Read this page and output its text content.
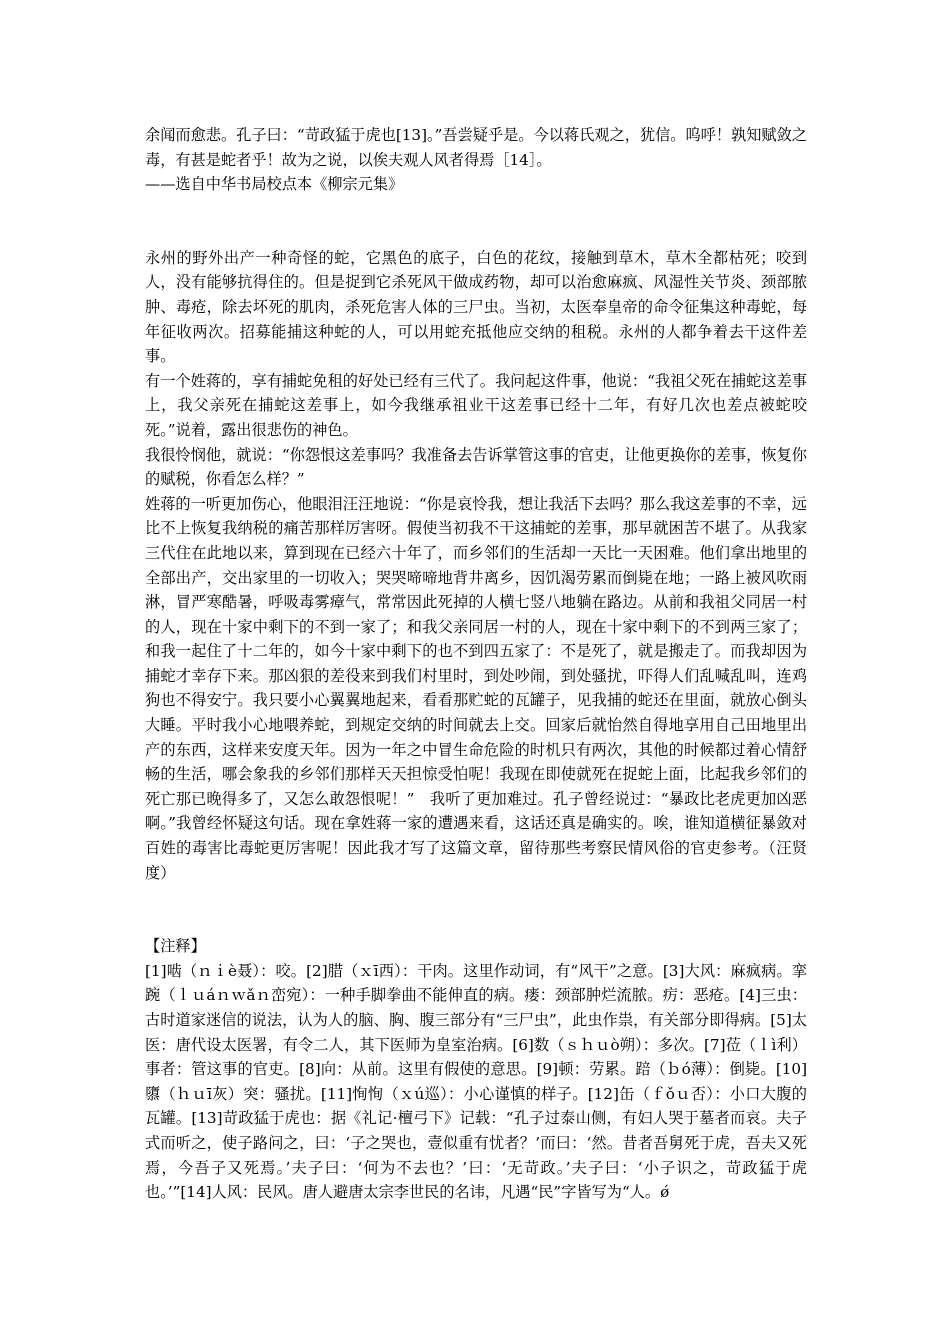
余闻而愈悲。孔子曰：“苛政猛于虎也[13]。”吾尝疑乎是。今以蒋氏观之，犹信。呜呼！孰知赋敛之毒，有甚是蛇者乎！故为之说，以俟夫观人风者得焉［14］。

——选自中华书局校点本《柳宗元集》

永州的野外出产一种奇怪的蛇，它黑色的底子，白色的花纹，接触到草木，草木全都枯死；咬到人，没有能够抗得住的。但是捉到它杀死风干做成药物，却可以治愈麻疯、风湿性关节炎、颈部脓肿、毒疮，除去坏死的肌肉，杀死危害人体的三尸虫。当初，太医奉皇帝的命令征集这种毒蛇，每年征收两次。招募能捕这种蛇的人，可以用蛇充抵他应交纳的租税。永州的人都争着去干这件差事。

有一个姓蒋的，享有捕蛇免租的好处已经有三代了。我问起这件事，他说：“我祖父死在捕蛇这差事上，我父亲死在捕蛇这差事上，如今我继承祖业干这差事已经十二年，有好几次也差点被蛇咬死。”说着，露出很悲伤的神色。

我很怜悯他，就说：“你怨恨这差事吗？我准备去告诉掌管这事的官吏，让他更换你的差事，恢复你的赋税，你看怎么样？”

姓蒋的一听更加伤心，他眼泪汪汪地说：“你是哀怜我，想让我活下去吗？那么我这差事的不幸，远比不上恢复我纳税的痛苦那样厉害呀。假使当初我不干这捕蛇的差事，那早就困苦不堪了。从我家三代住在此地以来，算到现在已经六十年了，而乡邻们的生活却一天比一天困难。他们拿出地里的全部出产，交出家里的一切收入；哭哭啼啼地背井离乡，因饥渴劳累而倒毙在地；一路上被风吹雨淋，冒严寒酷暑，呼吸毒雾瘴气，常常因此死掉的人横七竖八地躺在路边。从前和我祖父同居一村的人，现在十家中剩下的不到一家了；和我父亲同居一村的人，现在十家中剩下的不到两三家了；和我一起住了十二年的，如今十家中剩下的也不到四五家了：不是死了，就是搬走了。而我却因为捕蛇才幸存下来。那凶狠的差役来到我们村里时，到处吵闹，到处骚扰，吓得人们乱喊乱叫，连鸡狗也不得安宁。我只要小心翼翼地起来，看看那贮蛇的瓦罐子，见我捕的蛇还在里面，就放心倒头大睡。平时我小心地喂养蛇，到规定交纳的时间就去上交。回家后就怡然自得地享用自己田地里出产的东西，这样来安度天年。因为一年之中冒生命危险的时机只有两次，其他的时候都过着心情舒畅的生活，哪会象我的乡邻们那样天天担惊受怕呢！我现在即使就死在捉蛇上面，比起我乡邻们的死亡那已晚得多了，又怎么敢怨恨呢！”　我听了更加难过。孔子曾经说过：“暴政比老虎更加凶恶啊。”我曾经怀疑这句话。现在拿姓蒋一家的遭遇来看，这话还真是确实的。唉，谁知道横征暴敛对百姓的毒害比毒蛇更厉害呢！因此我才写了这篇文章，留待那些考察民情风俗的官吏参考。（汪贤度）

【注释】

[1]啮（ｎｉè聂）：咬。[2]腊（ｘī西）：干肉。这里作动词，有“风干”之意。[3]大风：麻疯病。挛踠（ｌｕáｎｗǎｎ峦宛）：一种手脚拳曲不能伸直的病。瘘：颈部肿烂流脓。疠：恶疮。[4]三虫：古时道家迷信的说法，认为人的脑、胸、腹三部分有“三尸虫”，此虫作祟，有关部分即得病。[5]太医：唐代设太医署，有令二人，其下医师为皇室治病。[6]数（ｓｈｕò朔）：多次。[7]莅（ｌì利）事者：管这事的官吏。[8]向：从前。这里有假使的意思。[9]顿：劳累。踣（ｂó薄）：倒毙。[10]隳（ｈｕī灰）突：骚扰。[11]恂恂（ｘú巡）：小心谨慎的样子。[12]缶（ｆǒｕ否）：小口大腹的瓦罐。[13]苛政猛于虎也：据《礼记·檀弓下》记载：“孔子过泰山侧，有妇人哭于墓者而哀。夫子式而听之，使子路问之，曰：‘子之哭也，壹似重有忧者？’而曰：‘然。昔者吾舅死于虎，吾夫又死焉，今吾子又死焉。’夫子曰：‘何为不去也？’曰：‘无苛政。’夫子曰：‘小子识之，苛政猛于虎也。’”[14]人风：民风。唐人避唐太宗李世民的名讳，凡遇“民”字皆写为“人。ǿ
